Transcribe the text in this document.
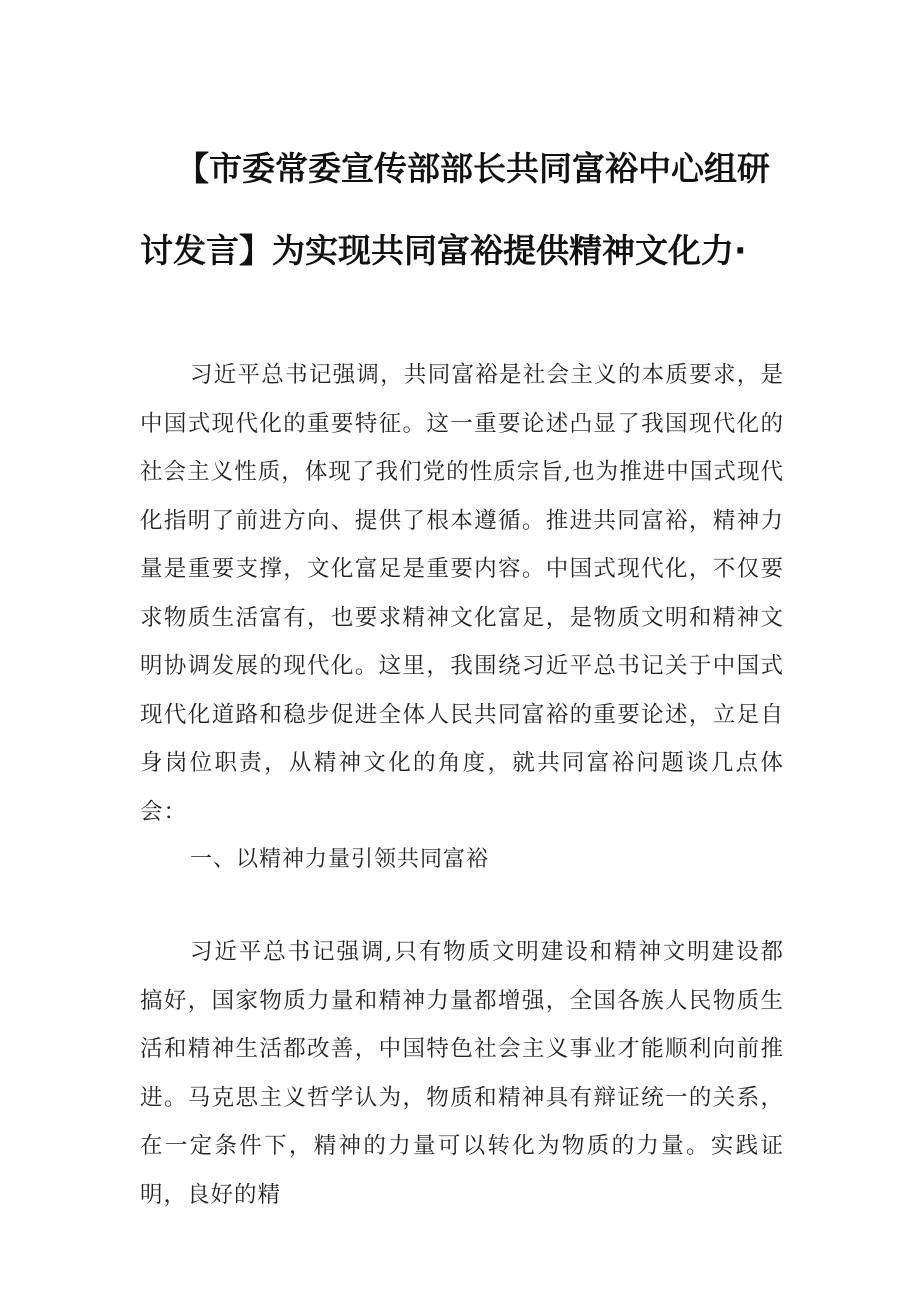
【市委常委宣传部部长共同富裕中心组研
讨发言】为实现共同富裕提供精神文化力·

习近平总书记强调，共同富裕是社会主义的本质要求，是中国式现代化的重要特征。这一重要论述凸显了我国现代化的社会主义性质，体现了我们党的性质宗旨,也为推进中国式现代化指明了前进方向、提供了根本遵循。推进共同富裕，精神力量是重要支撑，文化富足是重要内容。中国式现代化，不仅要求物质生活富有，也要求精神文化富足，是物质文明和精神文明协调发展的现代化。这里，我围绕习近平总书记关于中国式现代化道路和稳步促进全体人民共同富裕的重要论述，立足自身岗位职责，从精神文化的角度，就共同富裕问题谈几点体会：

一、以精神力量引领共同富裕

习近平总书记强调,只有物质文明建设和精神文明建设都搞好，国家物质力量和精神力量都增强，全国各族人民物质生活和精神生活都改善，中国特色社会主义事业才能顺利向前推进。马克思主义哲学认为，物质和精神具有辩证统一的关系，在一定条件下，精神的力量可以转化为物质的力量。实践证明，良好的精
